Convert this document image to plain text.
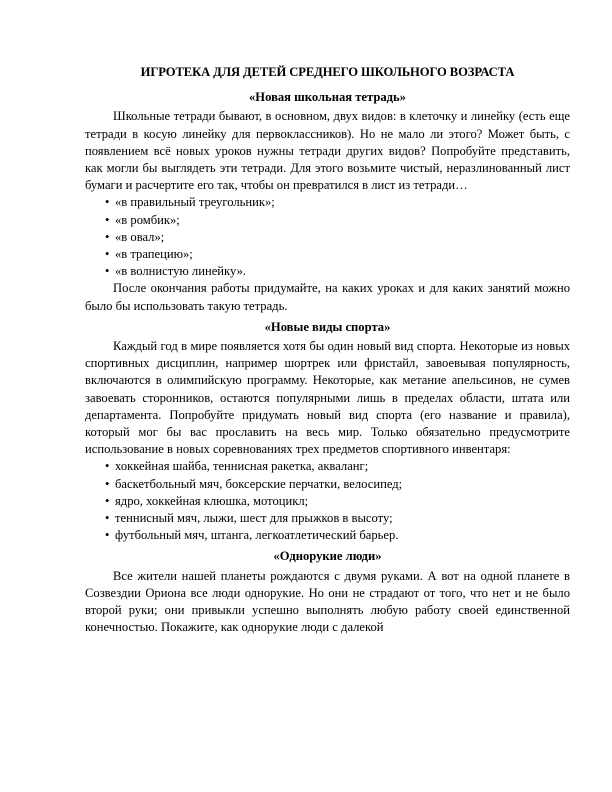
ИГРОТЕКА ДЛЯ ДЕТЕЙ СРЕДНЕГО ШКОЛЬНОГО ВОЗРАСТА
«Новая школьная тетрадь»

Школьные тетради бывают, в основном, двух видов: в клеточку и линейку (есть еще тетради в косую линейку для первоклассников). Но не мало ли этого? Может быть, с появлением всё новых уроков нужны тетради других видов? Попробуйте представить, как могли бы выглядеть эти тетради. Для этого возьмите чистый, неразлинованный лист бумаги и расчертите его так, чтобы он превратился в лист из тетради…

• «в правильный треугольник»;
• «в ромбик»;
• «в овал»;
• «в трапецию»;
• «в волнистую линейку».

После окончания работы придумайте, на каких уроках и для каких занятий можно было бы использовать такую тетрадь.

«Новые виды спорта»

Каждый год в мире появляется хотя бы один новый вид спорта. Некоторые из новых спортивных дисциплин, например шортрек или фристайл, завоевывая популярность, включаются в олимпийскую программу. Некоторые, как метание апельсинов, не сумев завоевать сторонников, остаются популярными лишь в пределах области, штата или департамента. Попробуйте придумать новый вид спорта (его название и правила), который мог бы вас прославить на весь мир. Только обязательно предусмотрите использование в новых соревнованиях трех предметов спортивного инвентаря:

• хоккейная шайба, теннисная ракетка, акваланг;
• баскетбольный мяч, боксерские перчатки, велосипед;
• ядро, хоккейная клюшка, мотоцикл;
• теннисный мяч, лыжи, шест для прыжков в высоту;
• футбольный мяч, штанга, легкоатлетический барьер.
«Однорукие люди»

Все жители нашей планеты рождаются с двумя руками. А вот на одной планете в Созвездии Ориона все люди однорукие. Но они не страдают от того, что нет и не было второй руки; они привыкли успешно выполнять любую работу своей единственной конечностью. Покажите, как однорукие люди с далекой
